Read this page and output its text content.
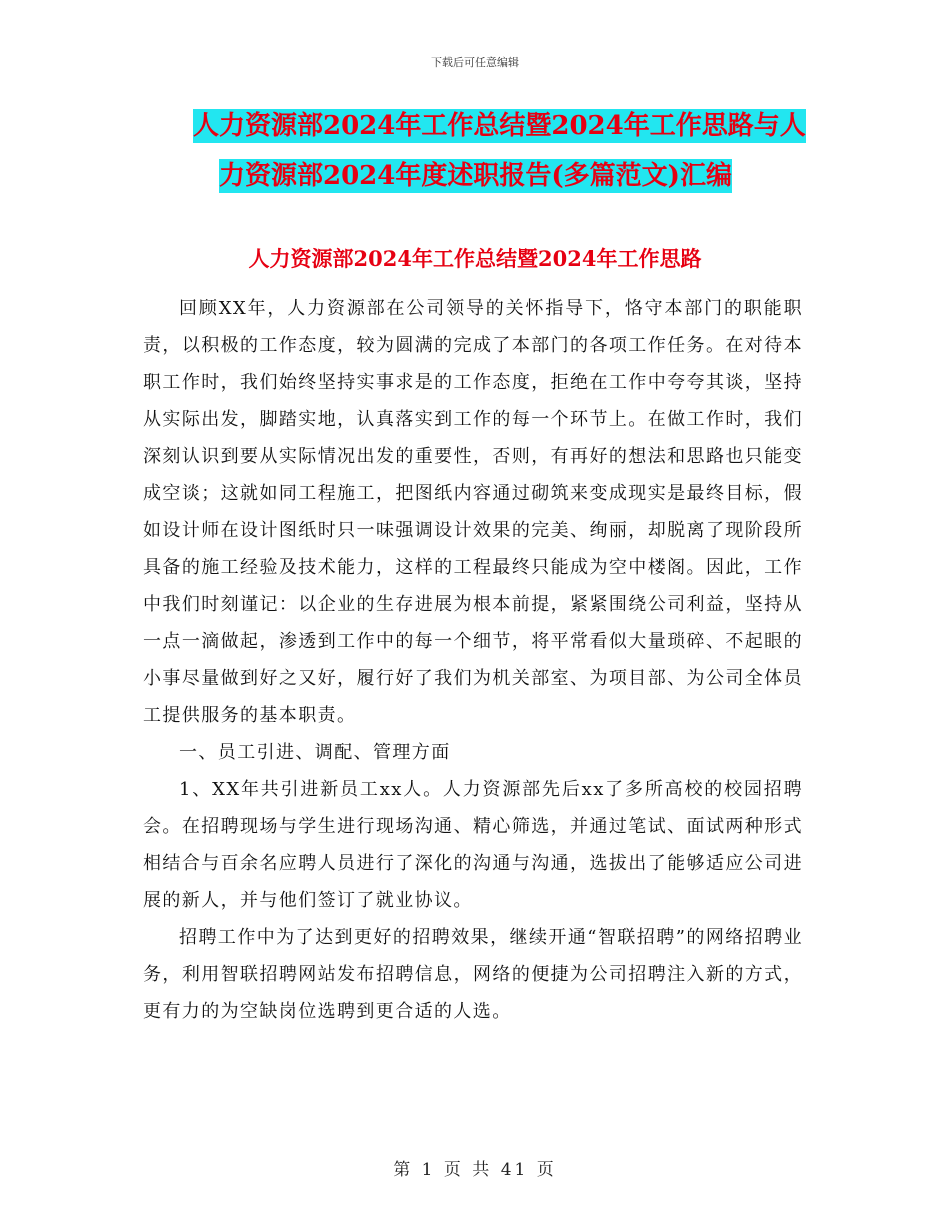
下载后可任意编辑
人力资源部2024年工作总结暨2024年工作思路与人
力资源部2024年度述职报告(多篇范文)汇编
人力资源部2024年工作总结暨2024年工作思路

回顾XX年，人力资源部在公司领导的关怀指导下，恪守本部门的职能职责，以积极的工作态度，较为圆满的完成了本部门的各项工作任务。在对待本职工作时，我们始终坚持实事求是的工作态度，拒绝在工作中夸夸其谈，坚持从实际出发，脚踏实地，认真落实到工作的每一个环节上。在做工作时，我们深刻认识到要从实际情况出发的重要性，否则，有再好的想法和思路也只能变成空谈；这就如同工程施工，把图纸内容通过砌筑来变成现实是最终目标，假如设计师在设计图纸时只一味强调设计效果的完美、绚丽，却脱离了现阶段所具备的施工经验及技术能力，这样的工程最终只能成为空中楼阁。因此，工作中我们时刻谨记：以企业的生存进展为根本前提，紧紧围绕公司利益，坚持从一点一滴做起，渗透到工作中的每一个细节，将平常看似大量琐碎、不起眼的小事尽量做到好之又好，履行好了我们为机关部室、为项目部、为公司全体员工提供服务的基本职责。

一、员工引进、调配、管理方面

1、XX年共引进新员工xx人。人力资源部先后xx了多所高校的校园招聘会。在招聘现场与学生进行现场沟通、精心筛选，并通过笔试、面试两种形式相结合与百余名应聘人员进行了深化的沟通与沟通，选拔出了能够适应公司进展的新人，并与他们签订了就业协议。

招聘工作中为了达到更好的招聘效果，继续开通“智联招聘”的网络招聘业务，利用智联招聘网站发布招聘信息，网络的便捷为公司招聘注入新的方式，更有力的为空缺岗位选聘到更合适的人选。

第 1 页 共 41 页
